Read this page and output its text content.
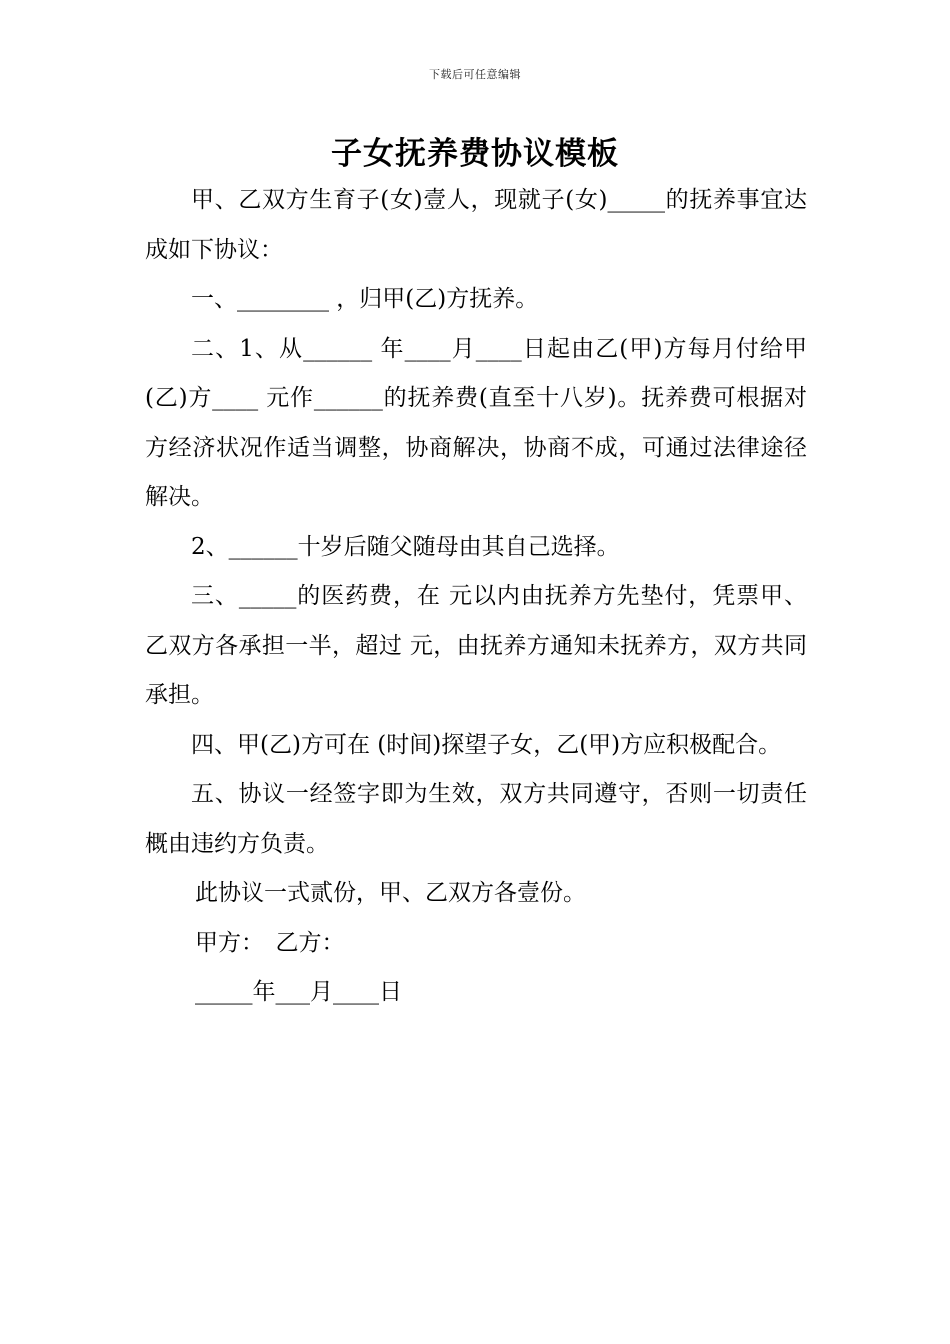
下载后可任意编辑
子女抚养费协议模板

甲、乙双方生育子(女)壹人，现就子(女)_____的抚养事宜达成如下协议：

一、________ ，归甲(乙)方抚养。

二、1、从______ 年____月____日起由乙(甲)方每月付给甲(乙)方____ 元作______的抚养费(直至十八岁)。抚养费可根据对方经济状况作适当调整，协商解决，协商不成，可通过法律途径解决。

2、______十岁后随父随母由其自己选择。

三、_____的医药费，在 元以内由抚养方先垫付，凭票甲、乙双方各承担一半，超过 元，由抚养方通知未抚养方，双方共同承担。

四、甲(乙)方可在 (时间)探望子女，乙(甲)方应积极配合。

五、协议一经签字即为生效，双方共同遵守，否则一切责任概由违约方负责。

此协议一式贰份，甲、乙双方各壹份。

甲方：　乙方：

_____年___月____日
